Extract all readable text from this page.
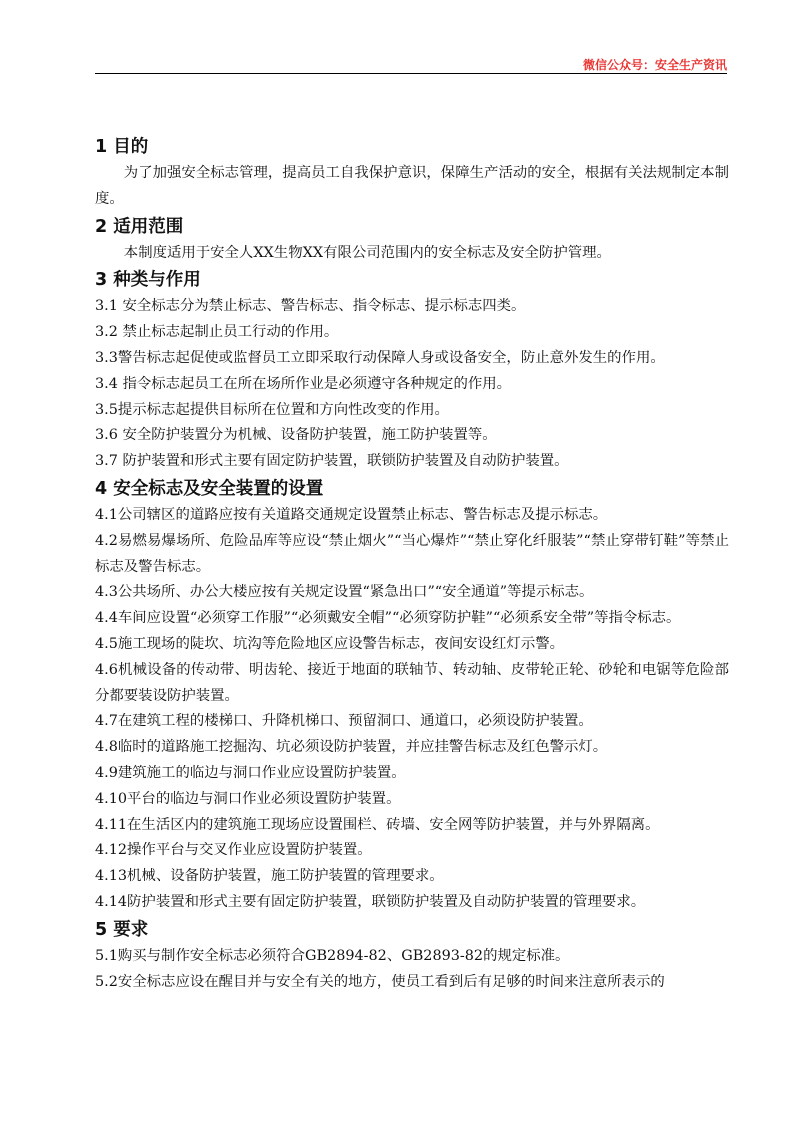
微信公众号：安全生产资讯
1 目的

为了加强安全标志管理，提高员工自我保护意识，保障生产活动的安全，根据有关法规制定本制度。

2 适用范围

本制度适用于安全人XX生物XX有限公司范围内的安全标志及安全防护管理。

3 种类与作用

3.1 安全标志分为禁止标志、警告标志、指令标志、提示标志四类。

3.2 禁止标志起制止员工行动的作用。

3.3警告标志起促使或监督员工立即采取行动保障人身或设备安全，防止意外发生的作用。

3.4 指令标志起员工在所在场所作业是必须遵守各种规定的作用。

3.5提示标志起提供目标所在位置和方向性改变的作用。

3.6 安全防护装置分为机械、设备防护装置，施工防护装置等。

3.7 防护装置和形式主要有固定防护装置，联锁防护装置及自动防护装置。

4 安全标志及安全装置的设置

4.1公司辖区的道路应按有关道路交通规定设置禁止标志、警告标志及提示标志。

4.2易燃易爆场所、危险品库等应设“禁止烟火”“当心爆炸”“禁止穿化纤服装”“禁止穿带钉鞋”等禁止标志及警告标志。

4.3公共场所、办公大楼应按有关规定设置“紧急出口”“安全通道”等提示标志。

4.4车间应设置“必须穿工作服”“必须戴安全帽”“必须穿防护鞋”“必须系安全带”等指令标志。

4.5施工现场的陡坎、坑沟等危险地区应设警告标志，夜间安设红灯示警。

4.6机械设备的传动带、明齿轮、接近于地面的联轴节、转动轴、皮带轮正轮、砂轮和电锯等危险部分都要装设防护装置。

4.7在建筑工程的楼梯口、升降机梯口、预留洞口、通道口，必须设防护装置。

4.8临时的道路施工挖掘沟、坑必须设防护装置，并应挂警告标志及红色警示灯。

4.9建筑施工的临边与洞口作业应设置防护装置。

4.10平台的临边与洞口作业必须设置防护装置。

4.11在生活区内的建筑施工现场应设置围栏、砖墙、安全网等防护装置，并与外界隔离。

4.12操作平台与交叉作业应设置防护装置。

4.13机械、设备防护装置，施工防护装置的管理要求。

4.14防护装置和形式主要有固定防护装置，联锁防护装置及自动防护装置的管理要求。

5 要求

5.1购买与制作安全标志必须符合GB2894-82、GB2893-82的规定标准。

5.2安全标志应设在醒目并与安全有关的地方，使员工看到后有足够的时间来注意所表示的
